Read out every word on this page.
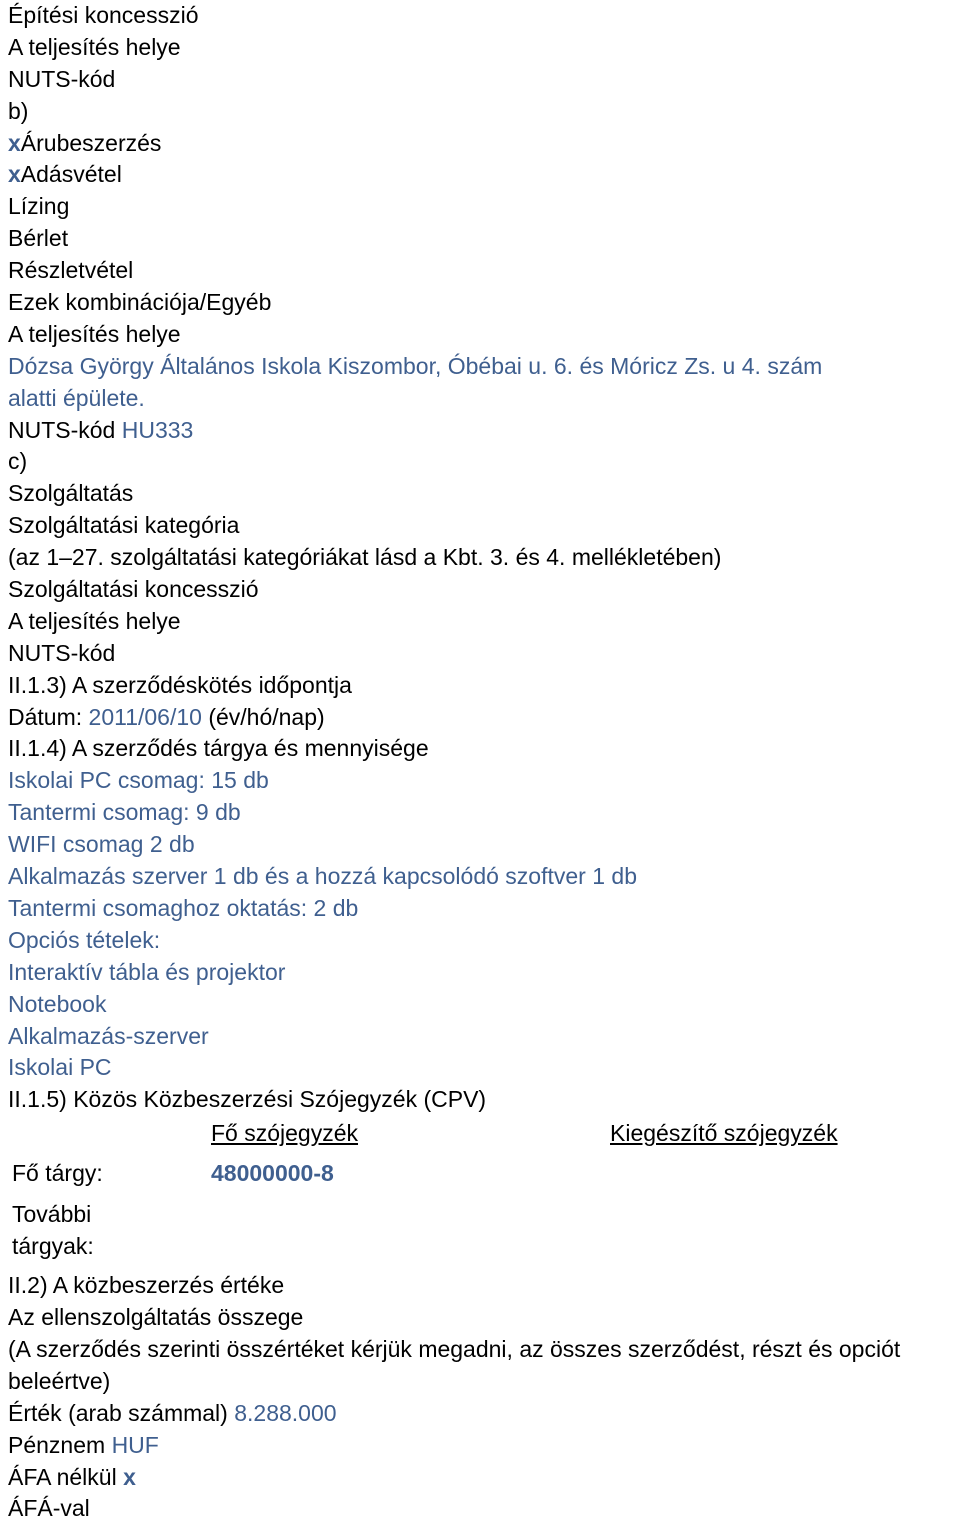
Építési koncesszió
A teljesítés helye
NUTS-kód
b)
xÁrubeszerzés
xAdásvétel
Lízing
Bérlet
Részletvétel
Ezek kombinációja/Egyéb
A teljesítés helye
Dózsa György Általános Iskola Kiszombor, Óbébai u. 6. és Móricz Zs. u 4. szám
alatti épülete.
NUTS-kód HU333
c)
Szolgáltatás
Szolgáltatási kategória
(az 1–27. szolgáltatási kategóriákat lásd a Kbt. 3. és 4. mellékletében)
Szolgáltatási koncesszió
A teljesítés helye
NUTS-kód
II.1.3) A szerződéskötés időpontja
Dátum: 2011/06/10 (év/hó/nap)
II.1.4) A szerződés tárgya és mennyisége
Iskolai PC csomag: 15 db
Tantermi csomag: 9 db
WIFI csomag 2 db
Alkalmazás szerver 1 db és a hozzá kapcsolódó szoftver 1 db
Tantermi csomaghoz oktatás: 2 db
Opciós tételek:
Interaktív tábla és projektor
Notebook
Alkalmazás-szerver
Iskolai PC
II.1.5) Közös Közbeszerzési Szójegyzék (CPV)
Fő szójegyzék	Kiegészítő szójegyzék
Fő tárgy:	48000000-8
További
tárgyak:
II.2) A közbeszerzés értéke
Az ellenszolgáltatás összege
(A szerződés szerinti összértéket kérjük megadni, az összes szerződést, részt és opciót beleértve)
Érték (arab számmal) 8.288.000
Pénznem HUF
ÁFA nélkül x
ÁFÁ-val
